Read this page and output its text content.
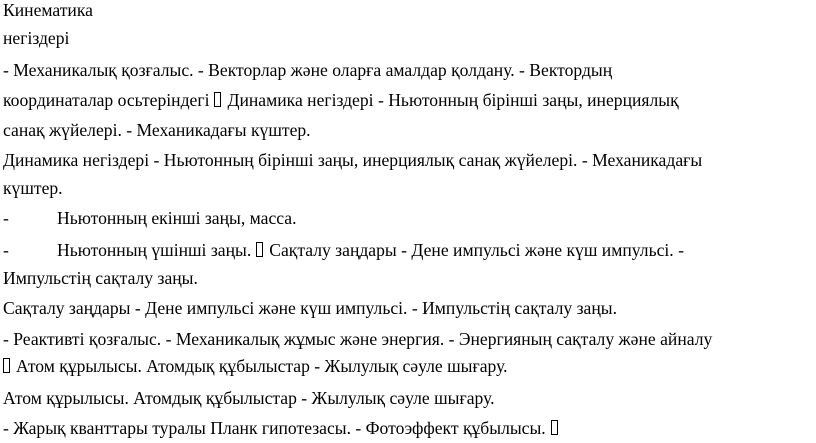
Кинематика
негіздері
- Механикалық қозғалыс. - Векторлар және оларға амалдар қолдану. - Вектордың
координаталар осьтеріндегі Динамика негіздері - Ньютонның бірінші заңы, инерциялық
санақ жүйелері. - Механикадағы күштер.
Динамика негіздері - Ньютонның бірінші заңы, инерциялық санақ жүйелері. - Механикадағы
күштер.
-	Ньютонның екінші заңы, масса.
-	Ньютонның үшінші заңы. Сақталу заңдары - Дене импульсі және күш импульсі. -
Импульстің сақталу заңы.
Сақталу заңдары - Дене импульсі және күш импульсі. - Импульстің сақталу заңы.
- Реактивті қозғалыс. - Механикалық жұмыс және энергия. - Энергияның сақталу және айналу
Атом құрылысы. Атомдық құбылыстар - Жылулық сәуле шығару.
Атом құрылысы. Атомдық құбылыстар - Жылулық сәуле шығару.
- Жарық кванттары туралы Планк гипотезасы. - Фотоэффект құбылысы.
